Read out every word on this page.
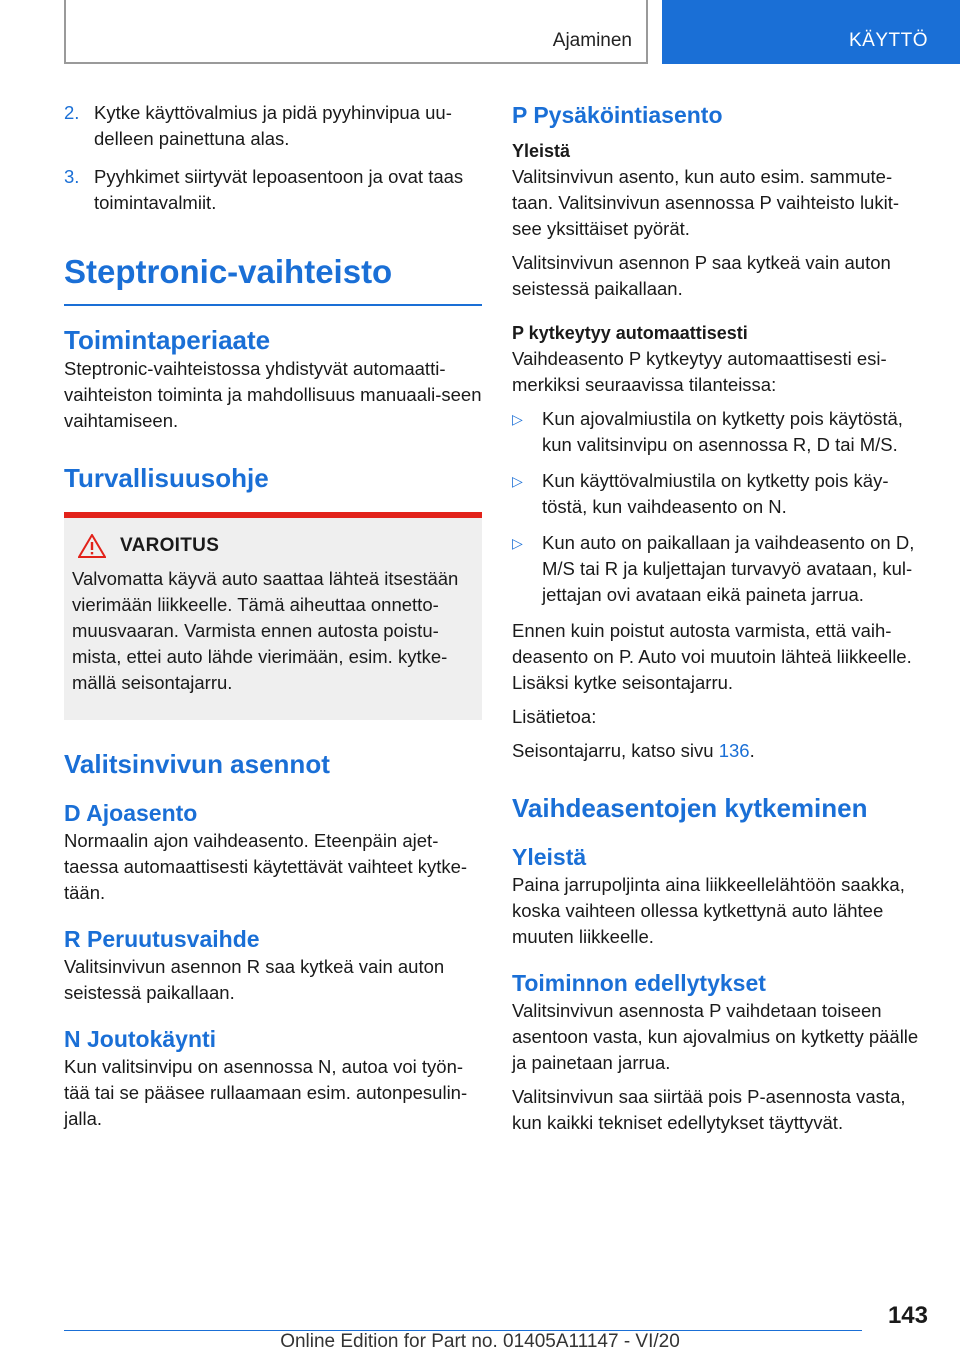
Ajaminen	KÄYTTÖ
2. Kytke käyttövalmius ja pidä pyyhinvipua uu-delleen painettuna alas.
3. Pyyhkimet siirtyvät lepoasentoon ja ovat taas toimintavalmiit.
Steptronic-vaihteisto
Toimintaperiaate

Steptronic-vaihteistossa yhdistyvät automaatti-vaihteiston toiminta ja mahdollisuus manuaali-seen vaihtamiseen.

Turvallisuusohje
VAROITUS

Valvomatta käyvä auto saattaa lähteä itsestään vierimään liikkeelle. Tämä aiheuttaa onnetto-muusvaaran. Varmista ennen autosta poistu-mista, ettei auto lähde vierimään, esim. kytke-mällä seisontajarru.

Valitsinvivun asennot
D Ajoasento

Normaalin ajon vaihdeasento. Eteenpäin ajet-taessa automaattisesti käytettävät vaihteet kytke-tään.

R Peruutusvaihde

Valitsinvivun asennon R saa kytkeä vain auton seistessä paikallaan.

N Joutokäynti

Kun valitsinvipu on asennossa N, autoa voi työn-tää tai se pääsee rullaamaan esim. autonpesulin-jalla.

P Pysäköintiasento
Yleistä

Valitsinvivun asento, kun auto esim. sammute-taan. Valitsinvivun asennossa P vaihteisto lukit-see yksittäiset pyörät.

Valitsinvivun asennon P saa kytkeä vain auton seistessä paikallaan.

P kytkeytyy automaattisesti

Vaihdeasento P kytkeytyy automaattisesti esi-merkiksi seuraavissa tilanteissa:

▷	Kun ajovalmiustila on kytketty pois käytöstä, kun valitsinvipu on asennossa R, D tai M/S.
▷	Kun käyttövalmiustila on kytketty pois käy-töstä, kun vaihdeasento on N.
▷	Kun auto on paikallaan ja vaihdeasento on D, M/S tai R ja kuljettajan turvavyö avataan, kul-jettajan ovi avataan eikä paineta jarrua.

Ennen kuin poistut autosta varmista, että vaih-deasento on P. Auto voi muutoin lähteä liikkeelle. Lisäksi kytke seisontajarru.

Lisätietoa:

Seisontajarru, katso sivu 136.

Vaihdeasentojen kytkeminen
Yleistä

Paina jarrupoljinta aina liikkeellelähtöön saakka, koska vaihteen ollessa kytkettynä auto lähtee muuten liikkeelle.

Toiminnon edellytykset

Valitsinvivun asennosta P vaihdetaan toiseen asentoon vasta, kun ajovalmius on kytketty päälle ja painetaan jarrua.

Valitsinvivun saa siirtää pois P-asennosta vasta, kun kaikki tekniset edellytykset täyttyvät.

143
Online Edition for Part no. 01405A11147 - VI/20
